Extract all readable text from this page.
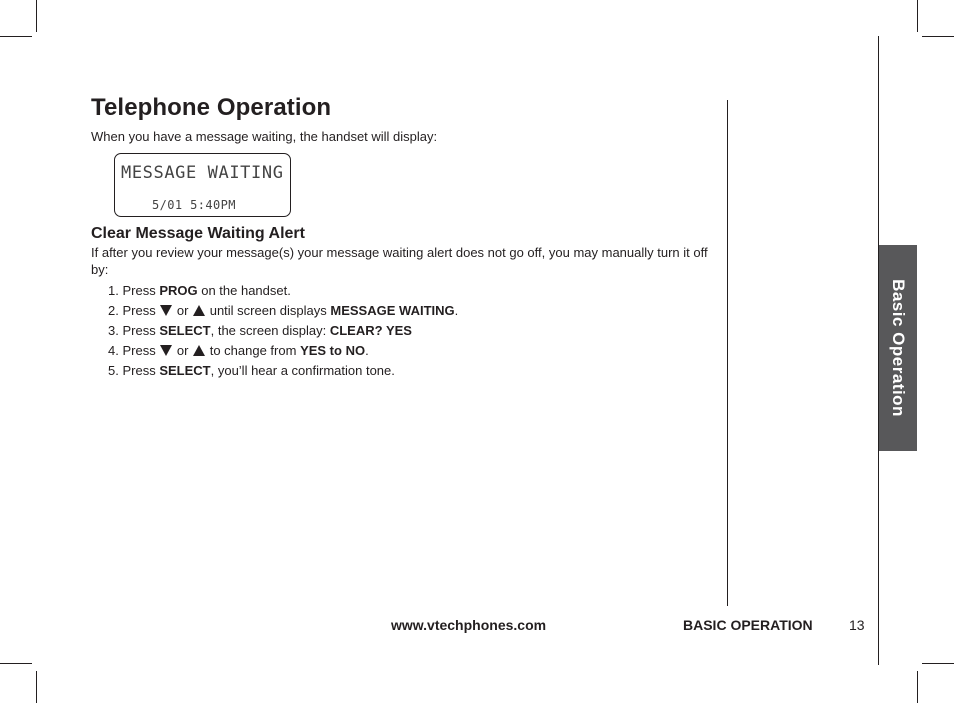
Telephone Operation

When you have a message waiting, the handset will display:

MESSAGE WAITING
5/01 5:40PM
Clear Message Waiting Alert

If after you review your message(s) your message waiting alert does not go off, you may manually turn it off by:

1. Press PROG on the handset.
2. Press  or  until screen displays MESSAGE WAITING.
3. Press SELECT, the screen display: CLEAR? YES
4. Press  or  to change from YES to NO.
5. Press SELECT, you’ll hear a confirmation tone.	Basic Operation
www.vtechphones.com	BASIC OPERATION	13
